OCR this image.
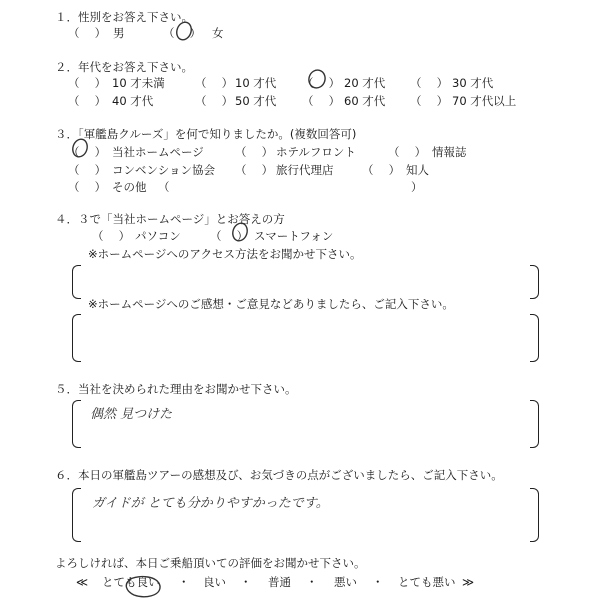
１．性別をお答え下さい。
（　 ） 男	（　 ） 女
２．年代をお答え下さい。
（　 ） 10 才未満	（　 ） 10 才代 （　 ） 20 才代 （　 ） 30 才代
（　 ） 40 才代	（　 ） 50 才代 （　 ） 60 才代 （　 ） 70 才代以上
３．「軍艦島クルーズ」を何で知りましたか。(複数回答可)
（　 ） 当社ホームページ	（　 ） ホテルフロント	（　 ） 情報誌
（　 ） コンベンション協会 （　 ） 旅行代理店 （　 ） 知人
（　 ） その他 （　　　　　　　　　　　　　　　　　　　　　）
４．３で「当社ホームページ」とお答えの方
（　 ） パソコン	（　 ） スマートフォン
※ホームページへのアクセス方法をお聞かせ下さい。
※ホームページへのご感想・ご意見などありましたら、ご記入下さい。
５．当社を決められた理由をお聞かせ下さい。
偶然 見つけた
６．本日の軍艦島ツアーの感想及び、お気づきの点がございましたら、ご記入下さい。
ガイドが とても分かりやすかったです。
よろしければ、本日ご乗船頂いての評価をお聞かせ下さい。
≪ とても良い ・ 良い ・ 普通 ・ 悪い ・ とても悪い ≫
